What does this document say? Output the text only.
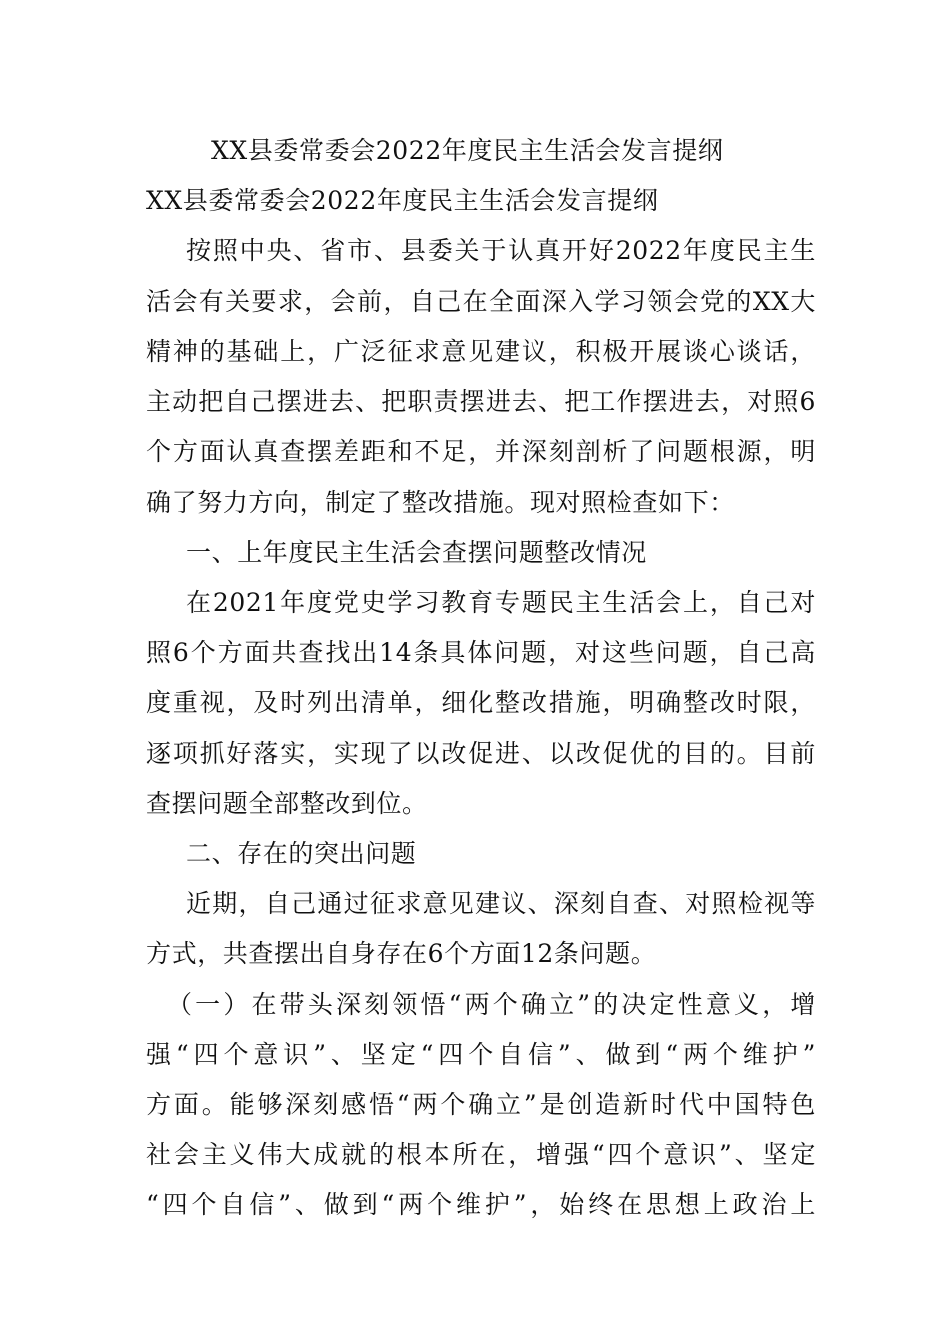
XX县委常委会2022年度民主生活会发言提纲
XX县委常委会2022年度民主生活会发言提纲
按照中央、省市、县委关于认真开好2022年度民主生
活会有关要求，会前，自己在全面深入学习领会党的XX大
精神的基础上，广泛征求意见建议，积极开展谈心谈话，
主动把自己摆进去、把职责摆进去、把工作摆进去，对照6
个方面认真查摆差距和不足，并深刻剖析了问题根源，明
确了努力方向，制定了整改措施。现对照检查如下：
一、上年度民主生活会查摆问题整改情况
在2021年度党史学习教育专题民主生活会上，自己对
照6个方面共查找出14条具体问题，对这些问题，自己高
度重视，及时列出清单，细化整改措施，明确整改时限，
逐项抓好落实，实现了以改促进、以改促优的目的。目前
查摆问题全部整改到位。
二、存在的突出问题
近期，自己通过征求意见建议、深刻自查、对照检视等
方式，共查摆出自身存在6个方面12条问题。
（一）在带头深刻领悟“两个确立”的决定性意义，增
强“四个意识”、坚定“四个自信”、做到“两个维护”
方面。能够深刻感悟“两个确立”是创造新时代中国特色
社会主义伟大成就的根本所在，增强“四个意识”、坚定
“四个自信”、做到“两个维护”，始终在思想上政治上
